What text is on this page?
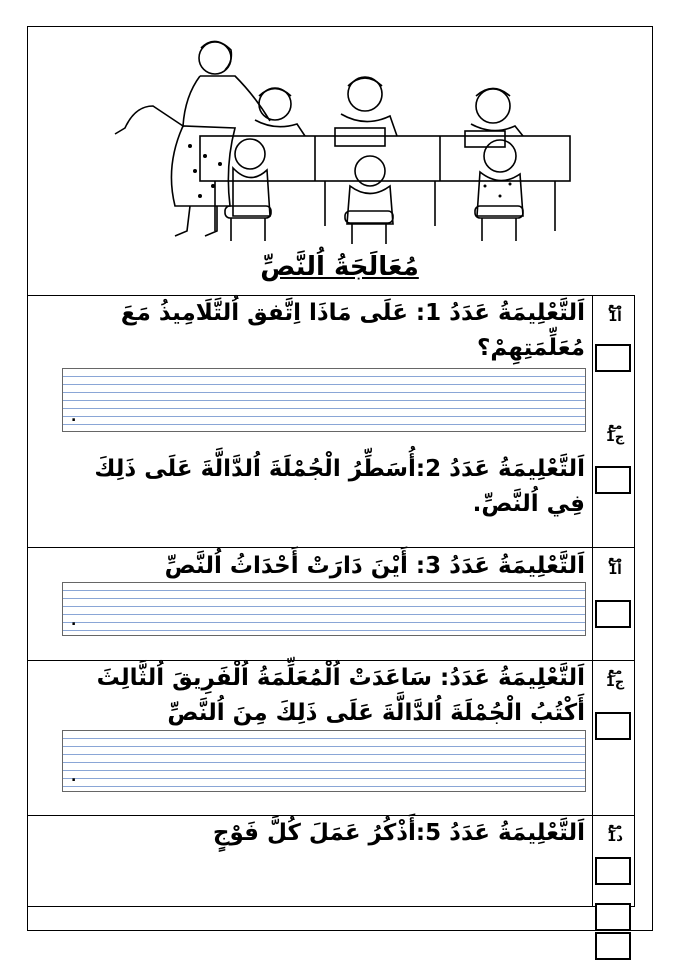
مُعَالَجَةُ اُلنَّصِّ
اَلتَّعْلِيمَةُ عَدَدُ 1: عَلَى مَاذَا اِتَّفق اُلتَّلَامِيذُ مَعَ مُعَلِّمَتِهِمْ؟
.
مع
1أ
اَلتَّعْلِيمَةُ عَدَدُ 2:أُسَطِّرُ الْجُمْلَةَ اُلدَّالَّةَ عَلَى ذَلِكَ فِي اُلنَّصِّ.
مع
1ج
اَلتَّعْلِيمَةُ عَدَدُ 3: أَيْنَ دَارَتْ أَحْدَاثُ اُلنَّصِّ
.
مع
1أ
اَلتَّعْلِيمَةُ عَدَدُ: سَاعَدَتْ اُلْمُعَلِّمَةُ اُلْفَرِيقَ اُلثَّالِثَ أَكْتُبُ الْجُمْلَةَ اُلدَّالَّةَ عَلَى ذَلِكَ مِنَ اُلنَّصِّ
.
مع
1ج
اَلتَّعْلِيمَةُ عَدَدُ 5:أَذْكُرُ عَمَلَ كُلَّ فَوْجٍ	مع
1د
